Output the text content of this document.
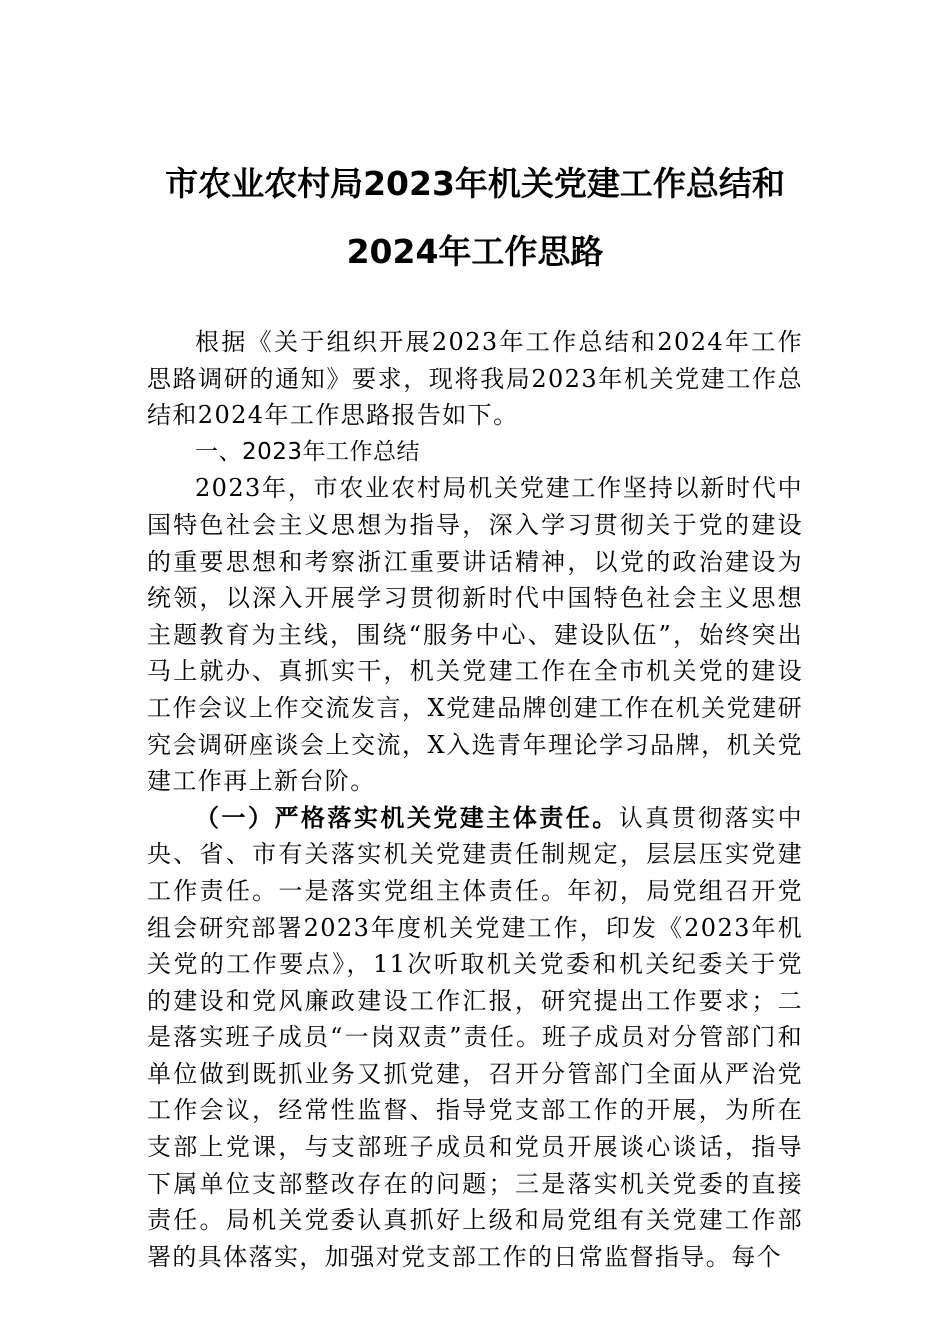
市农业农村局2023年机关党建工作总结和
2024年工作思路

根据《关于组织开展2023年工作总结和2024年工作思路调研的通知》要求，现将我局2023年机关党建工作总结和2024年工作思路报告如下。

一、2023年工作总结

2023年，市农业农村局机关党建工作坚持以新时代中国特色社会主义思想为指导，深入学习贯彻关于党的建设的重要思想和考察浙江重要讲话精神，以党的政治建设为统领，以深入开展学习贯彻新时代中国特色社会主义思想主题教育为主线，围绕“服务中心、建设队伍”，始终突出马上就办、真抓实干，机关党建工作在全市机关党的建设工作会议上作交流发言，X党建品牌创建工作在机关党建研究会调研座谈会上交流，X入选青年理论学习品牌，机关党建工作再上新台阶。

（一）严格落实机关党建主体责任。认真贯彻落实中央、省、市有关落实机关党建责任制规定，层层压实党建工作责任。一是落实党组主体责任。年初，局党组召开党组会研究部署2023年度机关党建工作，印发《2023年机关党的工作要点》，11次听取机关党委和机关纪委关于党的建设和党风廉政建设工作汇报，研究提出工作要求；二是落实班子成员“一岗双责”责任。班子成员对分管部门和单位做到既抓业务又抓党建，召开分管部门全面从严治党工作会议，经常性监督、指导党支部工作的开展，为所在支部上党课，与支部班子成员和党员开展谈心谈话，指导下属单位支部整改存在的问题；三是落实机关党委的直接责任。局机关党委认真抓好上级和局党组有关党建工作部署的具体落实，加强对党支部工作的日常监督指导。每个
